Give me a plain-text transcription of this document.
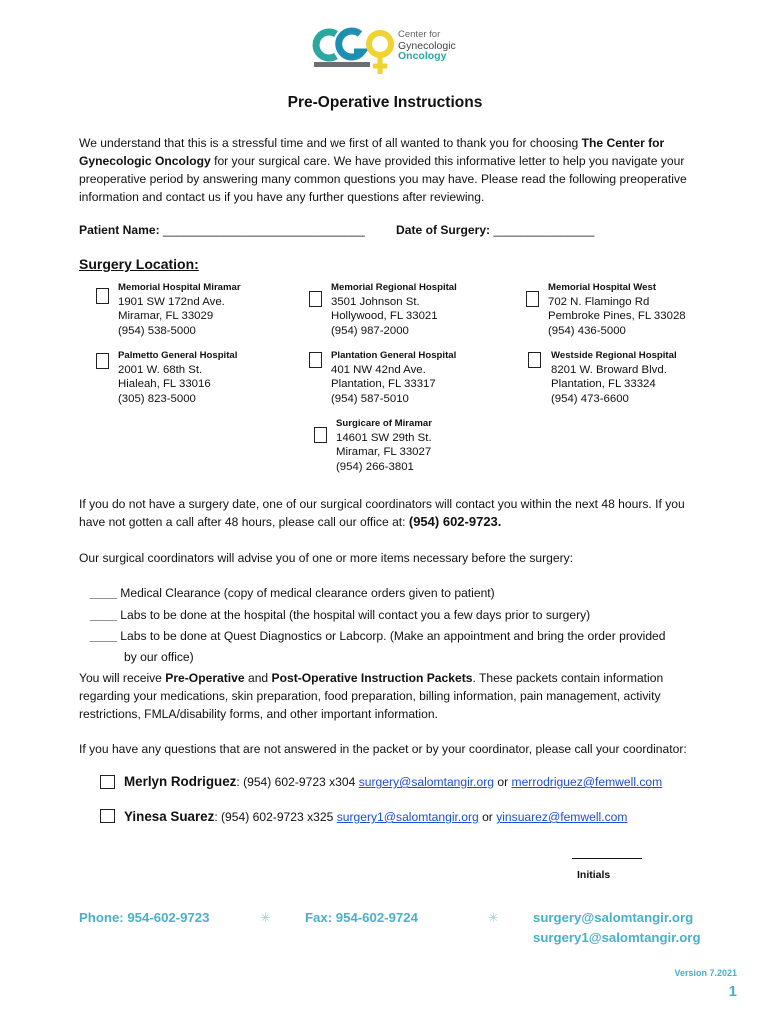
Center for
Gynecologic
Oncology
Pre-Operative Instructions

We understand that this is a stressful time and we first of all wanted to thank you for choosing The Center for Gynecologic Oncology for your surgical care. We have provided this informative letter to help you navigate your preoperative period by answering many common questions you may have. Please read the following preoperative information and contact us if you have any further questions after reviewing.

Patient Name: ______________________________	Date of Surgery: _______________
Surgery Location:
Memorial Hospital Miramar
1901 SW 172nd Ave.
Miramar, FL 33029
(954) 538-5000
Memorial Regional Hospital
3501 Johnson St.
Hollywood, FL 33021
(954) 987-2000
Memorial Hospital West
702 N. Flamingo Rd
Pembroke Pines, FL 33028
(954) 436-5000
Palmetto General Hospital
2001 W. 68th St.
Hialeah, FL 33016
(305) 823-5000
Plantation General Hospital
401 NW 42nd Ave.
Plantation, FL 33317
(954) 587-5010
Westside Regional Hospital
8201 W. Broward Blvd.
Plantation, FL 33324
(954) 473-6600
Surgicare of Miramar
14601 SW 29th St.
Miramar, FL 33027
(954) 266-3801

If you do not have a surgery date, one of our surgical coordinators will contact you within the next 48 hours. If you have not gotten a call after 48 hours, please call our office at: (954) 602-9723.

Our surgical coordinators will advise you of one or more items necessary before the surgery:

____ Medical Clearance (copy of medical clearance orders given to patient)
____ Labs to be done at the hospital (the hospital will contact you a few days prior to surgery)
____ Labs to be done at Quest Diagnostics or Labcorp. (Make an appointment and bring the order provided
by our office)

You will receive Pre-Operative and Post-Operative Instruction Packets. These packets contain information regarding your medications, skin preparation, food preparation, billing information, pain management, activity restrictions, FMLA/disability forms, and other important information.

If you have any questions that are not answered in the packet or by your coordinator, please call your coordinator:

Merlyn Rodriguez: (954) 602-9723 x304 surgery@salomtangir.org or merrodriguez@femwell.com
Yinesa Suarez: (954) 602-9723 x325 surgery1@salomtangir.org or yinsuarez@femwell.com
Initials
Phone: 954-602-9723	✳	Fax: 954-602-9724	✳	surgery@salomtangir.org
surgery1@salomtangir.org
Version 7.2021
1
